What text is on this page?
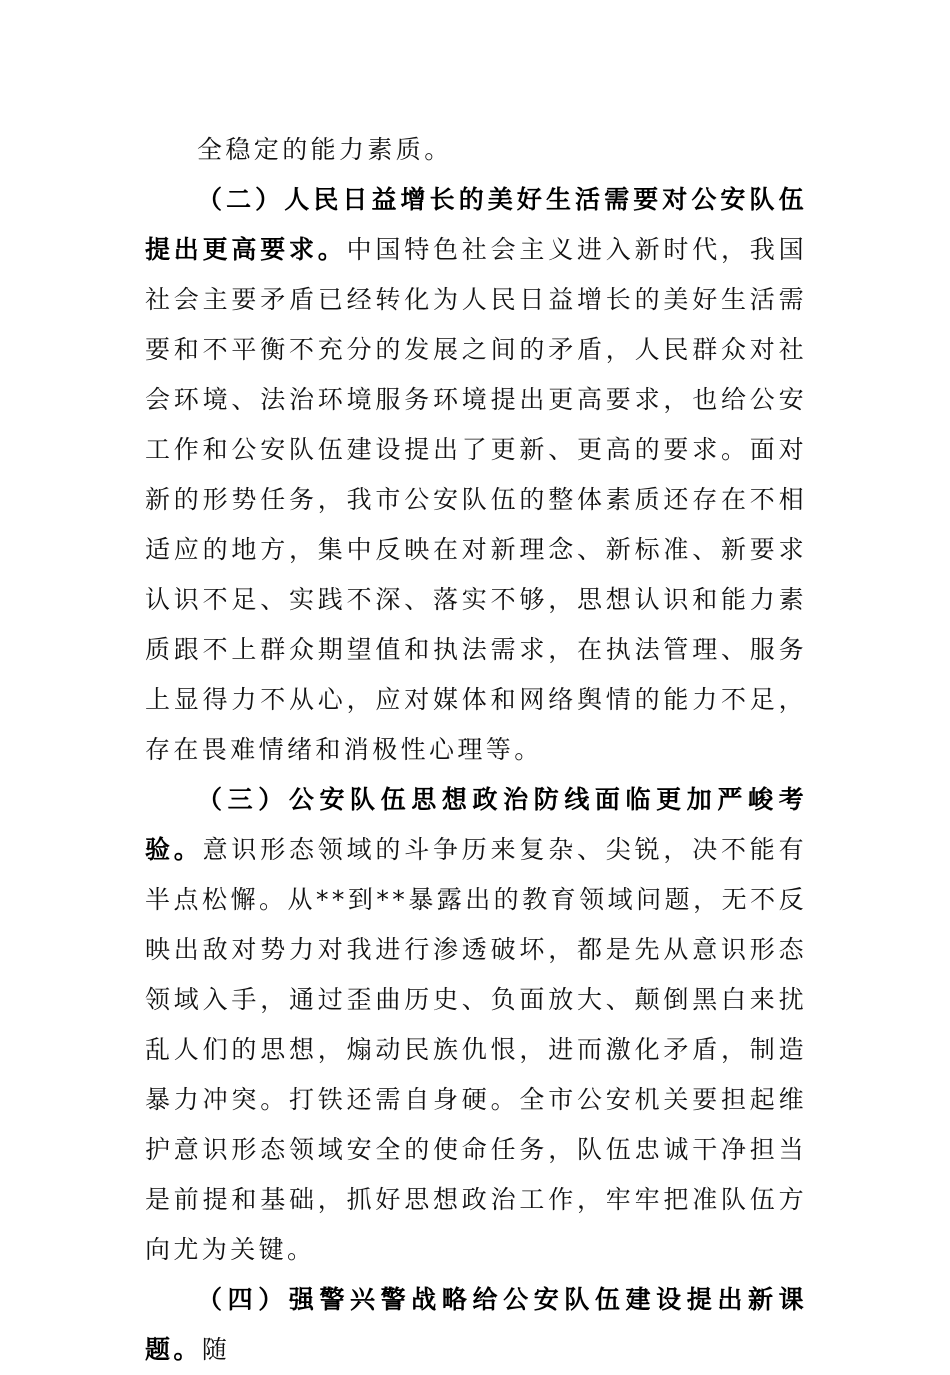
全稳定的能力素质。

（二）人民日益增长的美好生活需要对公安队伍提出更高要求。中国特色社会主义进入新时代，我国社会主要矛盾已经转化为人民日益增长的美好生活需要和不平衡不充分的发展之间的矛盾，人民群众对社会环境、法治环境服务环境提出更高要求，也给公安工作和公安队伍建设提出了更新、更高的要求。面对新的形势任务，我市公安队伍的整体素质还存在不相适应的地方，集中反映在对新理念、新标准、新要求认识不足、实践不深、落实不够，思想认识和能力素质跟不上群众期望值和执法需求，在执法管理、服务上显得力不从心，应对媒体和网络舆情的能力不足，存在畏难情绪和消极性心理等。

（三）公安队伍思想政治防线面临更加严峻考验。意识形态领域的斗争历来复杂、尖锐，决不能有半点松懈。从**到**暴露出的教育领域问题，无不反映出敌对势力对我进行渗透破坏，都是先从意识形态领域入手，通过歪曲历史、负面放大、颠倒黑白来扰乱人们的思想，煽动民族仇恨，进而激化矛盾，制造暴力冲突。打铁还需自身硬。全市公安机关要担起维护意识形态领域安全的使命任务，队伍忠诚干净担当是前提和基础，抓好思想政治工作，牢牢把准队伍方向尤为关键。

（四）强警兴警战略给公安队伍建设提出新课题。随
